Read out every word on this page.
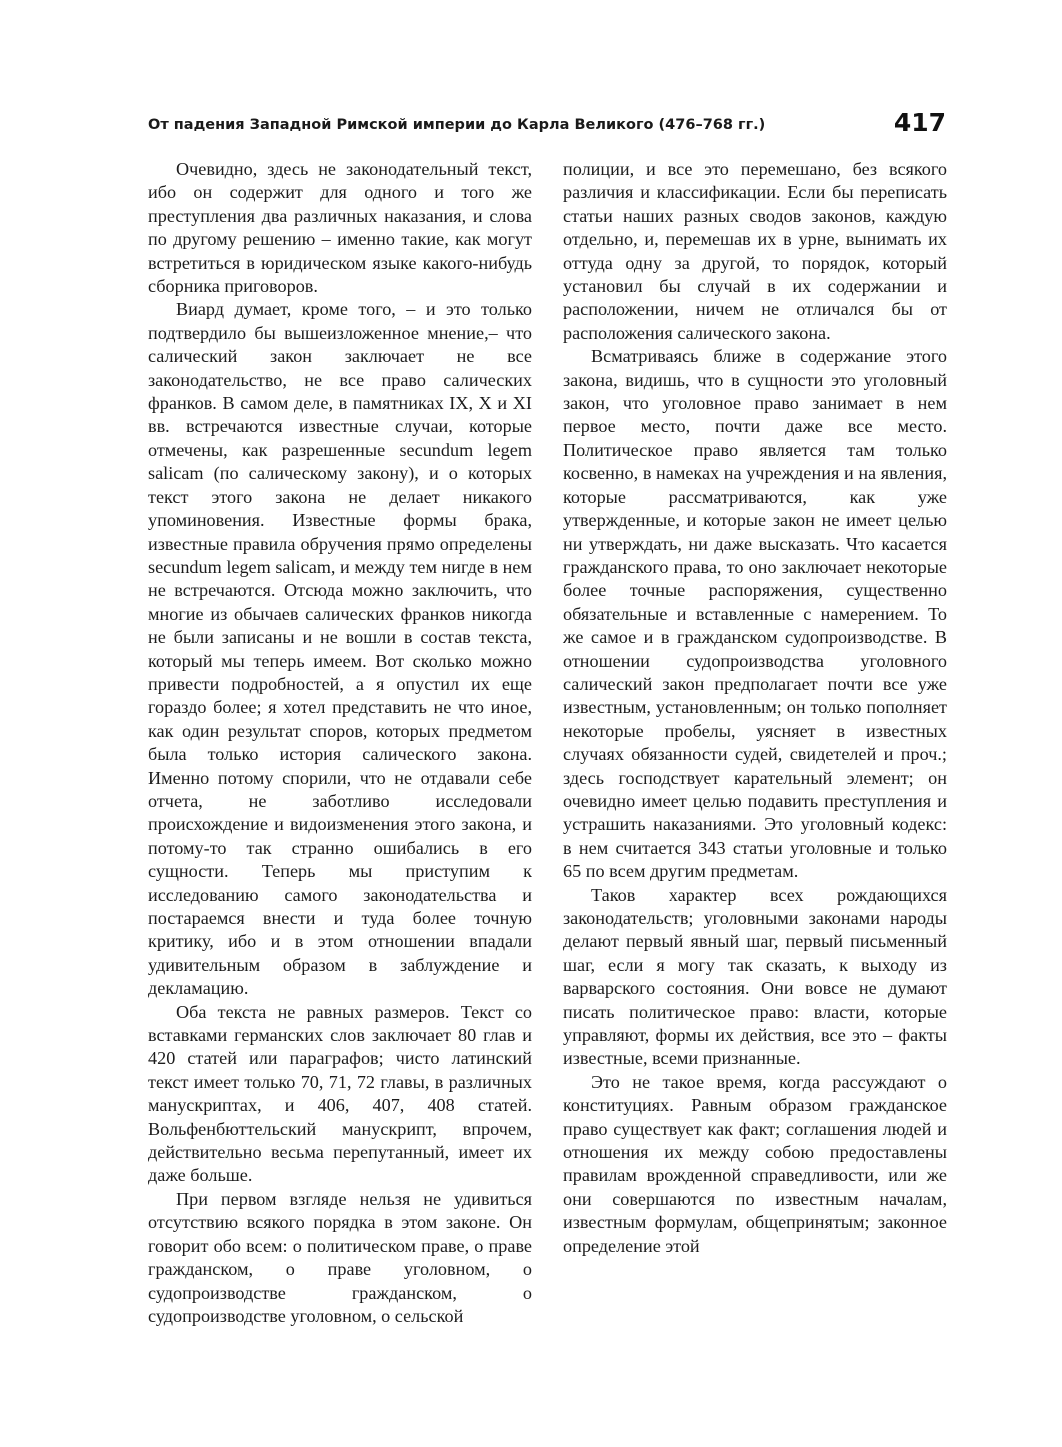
От падения Западной Римской империи до Карла Великого (476–768 гг.)	417

Очевидно, здесь не законодательный текст, ибо он содержит для одного и того же преступления два различных наказания, и слова по другому решению – именно такие, как могут встретиться в юридическом языке какого-нибудь сборника приговоров.

Виард думает, кроме того, – и это только подтвердило бы вышеизложенное мнение,– что салический закон заключает не все законодательство, не все право салических франков. В самом деле, в памятниках IX, X и XI вв. встречаются известные случаи, которые отмечены, как разрешенные secundum legem salicam (по салическому закону), и о которых текст этого закона не делает никакого упоминовения. Известные формы брака, известные правила обручения прямо определены secundum legem salicam, и между тем нигде в нем не встречаются. Отсюда можно заключить, что многие из обычаев салических франков никогда не были записаны и не вошли в состав текста, который мы теперь имеем. Вот сколько можно привести подробностей, а я опустил их еще гораздо более; я хотел представить не что иное, как один результат споров, которых предметом была только история салического закона. Именно потому спорили, что не отдавали себе отчета, не заботливо исследовали происхождение и видоизменения этого закона, и потому-то так странно ошибались в его сущности. Теперь мы приступим к исследованию самого законодательства и постараемся внести и туда более точную критику, ибо и в этом отношении впадали удивительным образом в заблуждение и декламацию.

Оба текста не равных размеров. Текст со вставками германских слов заключает 80 глав и 420 статей или параграфов; чисто латинский текст имеет только 70, 71, 72 главы, в различных манускриптах, и 406, 407, 408 статей. Вольфенбюттельский манускрипт, впрочем, действительно весьма перепутанный, имеет их даже больше.

При первом взгляде нельзя не удивиться отсутствию всякого порядка в этом законе. Он говорит обо всем: о политическом праве, о праве гражданском, о праве уголовном, о судопроизводстве гражданском, о судопроизводстве уголовном, о сельской

полиции, и все это перемешано, без всякого различия и классификации. Если бы переписать статьи наших разных сводов законов, каждую отдельно, и, перемешав их в урне, вынимать их оттуда одну за другой, то порядок, который установил бы случай в их содержании и расположении, ничем не отличался бы от расположения салического закона.

Всматриваясь ближе в содержание этого закона, видишь, что в сущности это уголовный закон, что уголовное право занимает в нем первое место, почти даже все место. Политическое право является там только косвенно, в намеках на учреждения и на явления, которые рассматриваются, как уже утвержденные, и которые закон не имеет целью ни утверждать, ни даже высказать. Что касается гражданского права, то оно заключает некоторые более точные распоряжения, существенно обязательные и вставленные с намерением. То же самое и в гражданском судопроизводстве. В отношении судопроизводства уголовного салический закон предполагает почти все уже известным, установленным; он только пополняет некоторые пробелы, уясняет в известных случаях обязанности судей, свидетелей и проч.; здесь господствует карательный элемент; он очевидно имеет целью подавить преступления и устрашить наказаниями. Это уголовный кодекс: в нем считается 343 статьи уголовные и только 65 по всем другим предметам.

Таков характер всех рождающихся законодательств; уголовными законами народы делают первый явный шаг, первый письменный шаг, если я могу так сказать, к выходу из варварского состояния. Они вовсе не думают писать политическое право: власти, которые управляют, формы их действия, все это – факты известные, всеми признанные.

Это не такое время, когда рассуждают о конституциях. Равным образом гражданское право существует как факт; соглашения людей и отношения их между собою предоставлены правилам врожденной справедливости, или же они совершаются по известным началам, известным формулам, общепринятым; законное определение этой
